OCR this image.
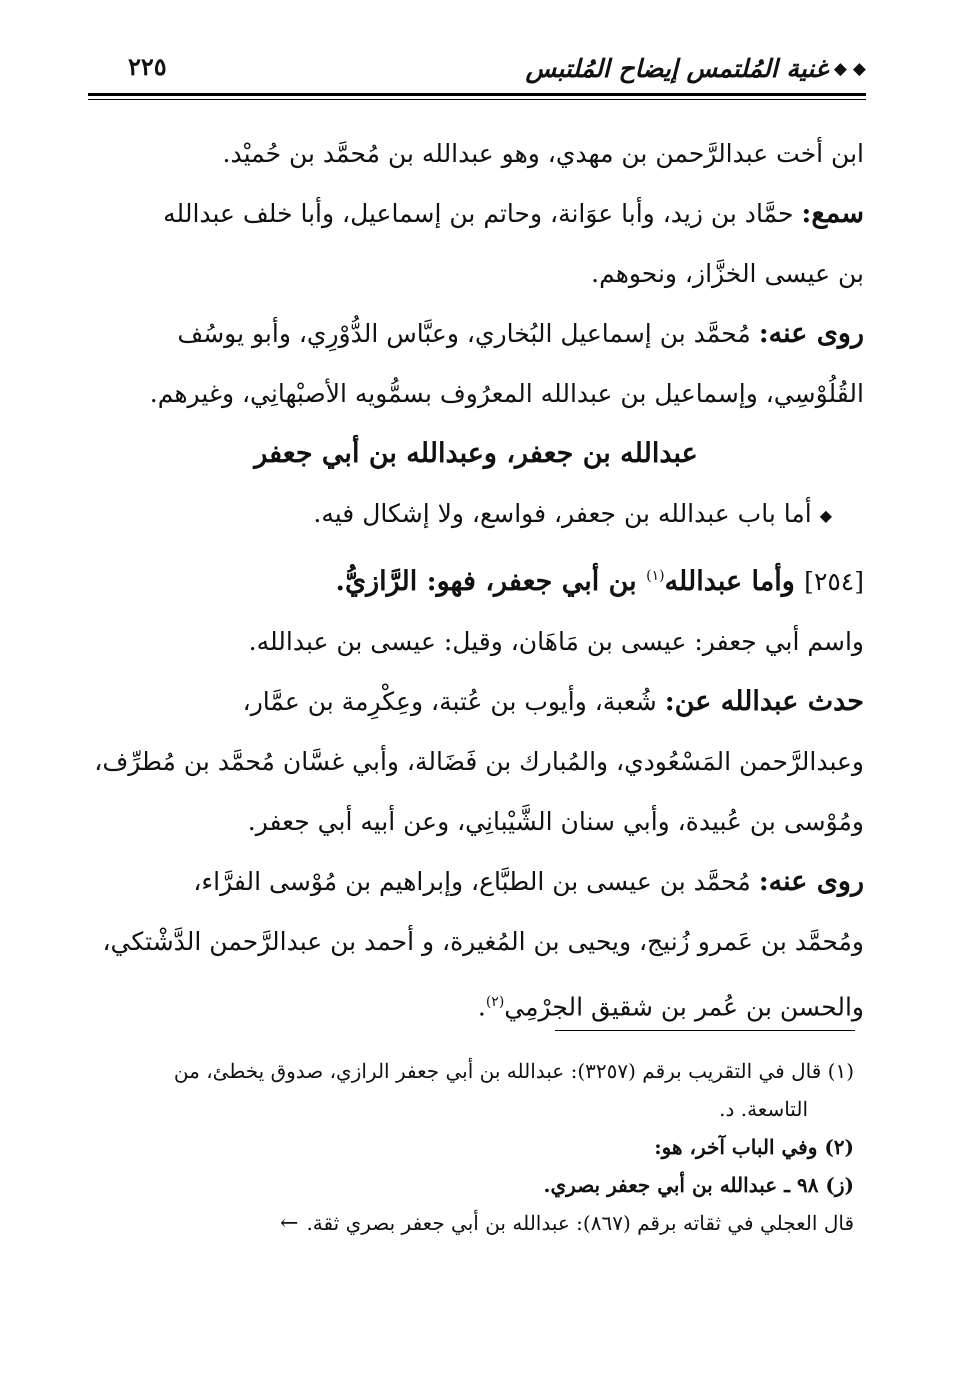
◆ ◆
غنية المُلتمس إيضاح المُلتبس
٢٢٥

ابن أخت عبدالرَّحمن بن مهدي، وهو عبدالله بن مُحمَّد بن حُميْد.

سمع: حمَّاد بن زيد، وأبا عوَانة، وحاتم بن إسماعيل، وأبا خلف عبدالله

بن عيسى الخزَّاز، ونحوهم.

روى عنه: مُحمَّد بن إسماعيل البُخاري، وعبَّاس الدُّوْرِي، وأبو يوسُف

القُلُوْسِي، وإسماعيل بن عبدالله المعرُوف بسمُّويه الأصبْهانِي، وغيرهم.

عبدالله بن جعفر، وعبدالله بن أبي جعفر

◆أما باب عبدالله بن جعفر، فواسع، ولا إشكال فيه.

[٢٥٤] وأما عبدالله$^{(١)}$ بن أبي جعفر، فهو: الرَّازيُّ.

واسم أبي جعفر: عيسى بن مَاهَان، وقيل: عيسى بن عبدالله.

حدث عبدالله عن: شُعبة، وأيوب بن عُتبة، وعِكْرِمة بن عمَّار،

وعبدالرَّحمن المَسْعُودي، والمُبارك بن فَضَالة، وأبي غسَّان مُحمَّد بن مُطرِّف،

ومُوْسى بن عُبيدة، وأبي سنان الشَّيْبانِي، وعن أبيه أبي جعفر.

روى عنه: مُحمَّد بن عيسى بن الطبَّاع، وإبراهيم بن مُوْسى الفرَّاء،

ومُحمَّد بن عَمرو زُنيج، ويحيى بن المُغيرة، و أحمد بن عبدالرَّحمن الدَّشْتكي،

والحسن بن عُمر بن شقيق الجرْمِي$^{(٢)}$.

(١) قال في التقريب برقم (٣٢٥٧): عبدالله بن أبي جعفر الرازي، صدوق يخطئ، من

التاسعة. د.

(٢) وفي الباب آخر، هو:

(ز) ٩٨ ـ عبدالله بن أبي جعفر بصري.

قال العجلي في ثقاته برقم (٨٦٧): عبدالله بن أبي جعفر بصري ثقة.←
